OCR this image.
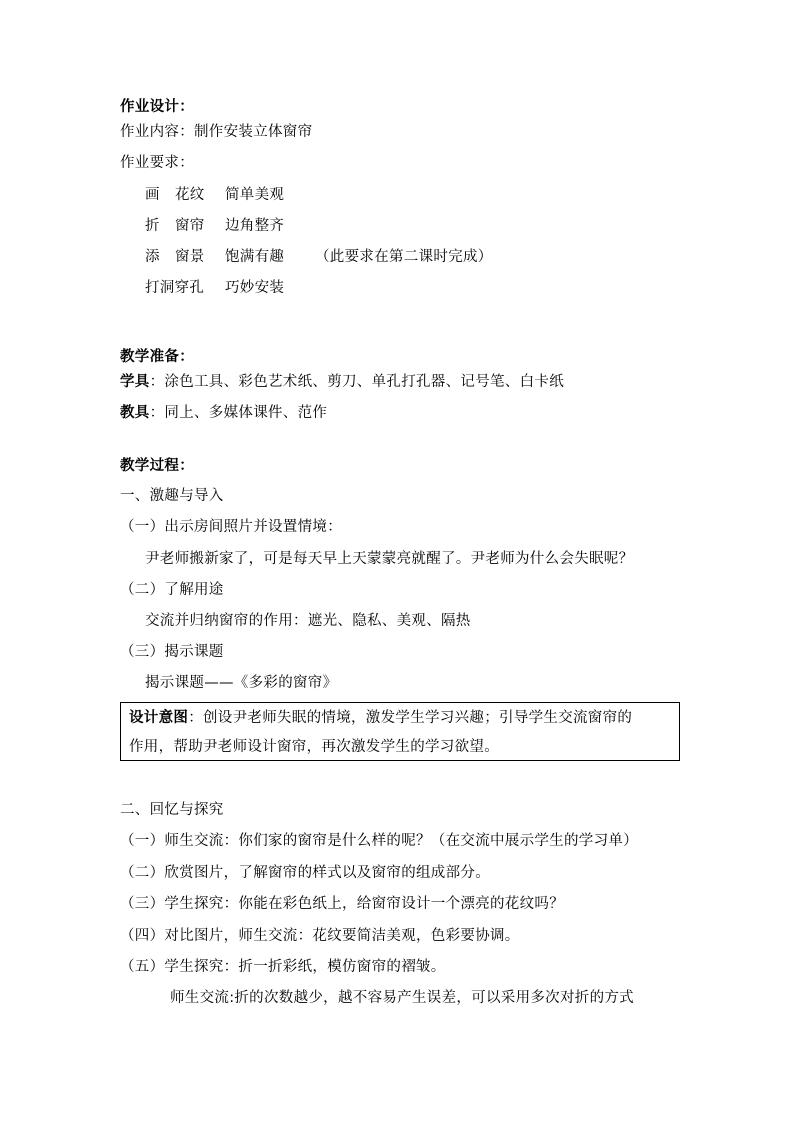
作业设计：
作业内容：制作安装立体窗帘
作业要求：
画 花纹 简单美观
折 窗帘 边角整齐
添 窗景 饱满有趣 （此要求在第二课时完成）
打洞穿孔 巧妙安装
教学准备：
学具：涂色工具、彩色艺术纸、剪刀、单孔打孔器、记号笔、白卡纸
教具：同上、多媒体课件、范作
教学过程：
一、激趣与导入
（一）出示房间照片并设置情境：
尹老师搬新家了，可是每天早上天蒙蒙亮就醒了。尹老师为什么会失眠呢？
（二）了解用途
交流并归纳窗帘的作用：遮光、隐私、美观、隔热
（三）揭示课题
揭示课题——《多彩的窗帘》
设计意图：创设尹老师失眠的情境，激发学生学习兴趣；引导学生交流窗帘的
作用，帮助尹老师设计窗帘，再次激发学生的学习欲望。
二、回忆与探究
（一）师生交流：你们家的窗帘是什么样的呢？（在交流中展示学生的学习单）
（二）欣赏图片，了解窗帘的样式以及窗帘的组成部分。
（三）学生探究：你能在彩色纸上，给窗帘设计一个漂亮的花纹吗？
（四）对比图片，师生交流：花纹要简洁美观，色彩要协调。
（五）学生探究：折一折彩纸，模仿窗帘的褶皱。
师生交流:折的次数越少，越不容易产生误差，可以采用多次对折的方式
